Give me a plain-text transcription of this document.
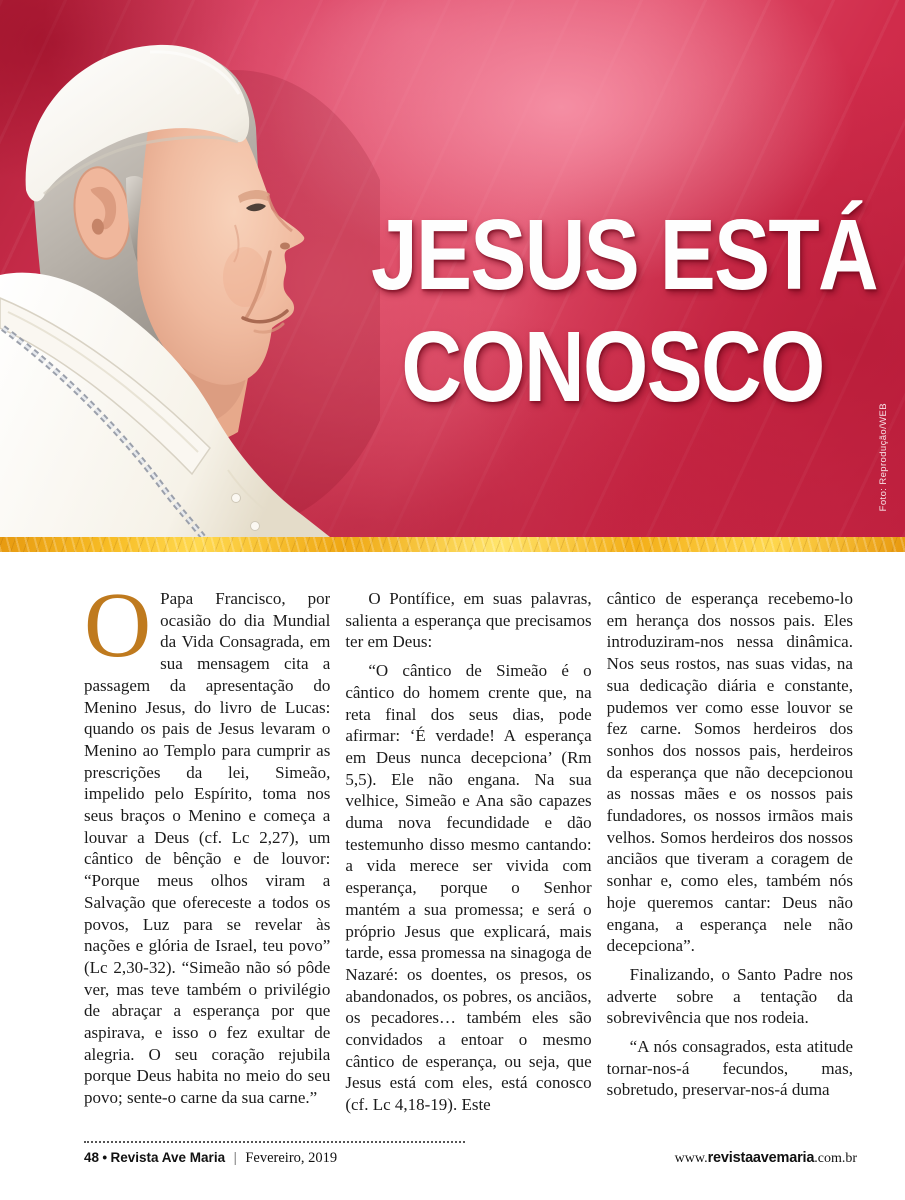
JESUS ESTÁ
CONOSCO
Foto: Reprodução/WEB

O Papa Francisco, por ocasião do dia Mundial da Vida Consagrada, em sua mensagem cita a passagem da apresentação do Menino Jesus, do livro de Lucas: quando os pais de Jesus levaram o Menino ao Templo para cumprir as prescrições da lei, Simeão, impelido pelo Espírito, toma nos seus braços o Menino e começa a louvar a Deus (cf. Lc 2,27), um cântico de bênção e de louvor: “Porque meus olhos viram a Salvação que ofereceste a todos os povos, Luz para se revelar às nações e glória de Israel, teu povo” (Lc 2,30-32). “Simeão não só pôde ver, mas teve também o privilégio de abraçar a esperança por que aspirava, e isso o fez exultar de alegria. O seu coração rejubila porque Deus habita no meio do seu povo; sente-o carne da sua carne.”

O Pontífice, em suas palavras, salienta a esperança que precisamos ter em Deus:

“O cântico de Simeão é o cântico do homem crente que, na reta final dos seus dias, pode afirmar: ‘É verdade! A esperança em Deus nunca decepciona’ (Rm 5,5). Ele não engana. Na sua velhice, Simeão e Ana são capazes duma nova fecundidade e dão testemunho disso mesmo cantando: a vida merece ser vivida com esperança, porque o Senhor mantém a sua promessa; e será o próprio Jesus que explicará, mais tarde, essa promessa na sinagoga de Nazaré: os doentes, os presos, os abandonados, os pobres, os anciãos, os pecadores… também eles são convidados a entoar o mesmo cântico de esperança, ou seja, que Jesus está com eles, está conosco (cf. Lc 4,18-19). Este

cântico de esperança recebemo-lo em herança dos nossos pais. Eles introduziram-nos nessa dinâmica. Nos seus rostos, nas suas vidas, na sua dedicação diária e constante, pudemos ver como esse louvor se fez carne. Somos herdeiros dos sonhos dos nossos pais, herdeiros da esperança que não decepcionou as nossas mães e os nossos pais fundadores, os nossos irmãos mais velhos. Somos herdeiros dos nossos anciãos que tiveram a coragem de sonhar e, como eles, também nós hoje queremos cantar: Deus não engana, a esperança nele não decepciona”.

Finalizando, o Santo Padre nos adverte sobre a tentação da sobrevivência que nos rodeia.

“A nós consagrados, esta atitude tornar-nos-á fecundos, mas, sobretudo, preservar-nos-á duma

48 • Revista Ave Maria | Fevereiro, 2019	www.revistaavemaria.com.br
